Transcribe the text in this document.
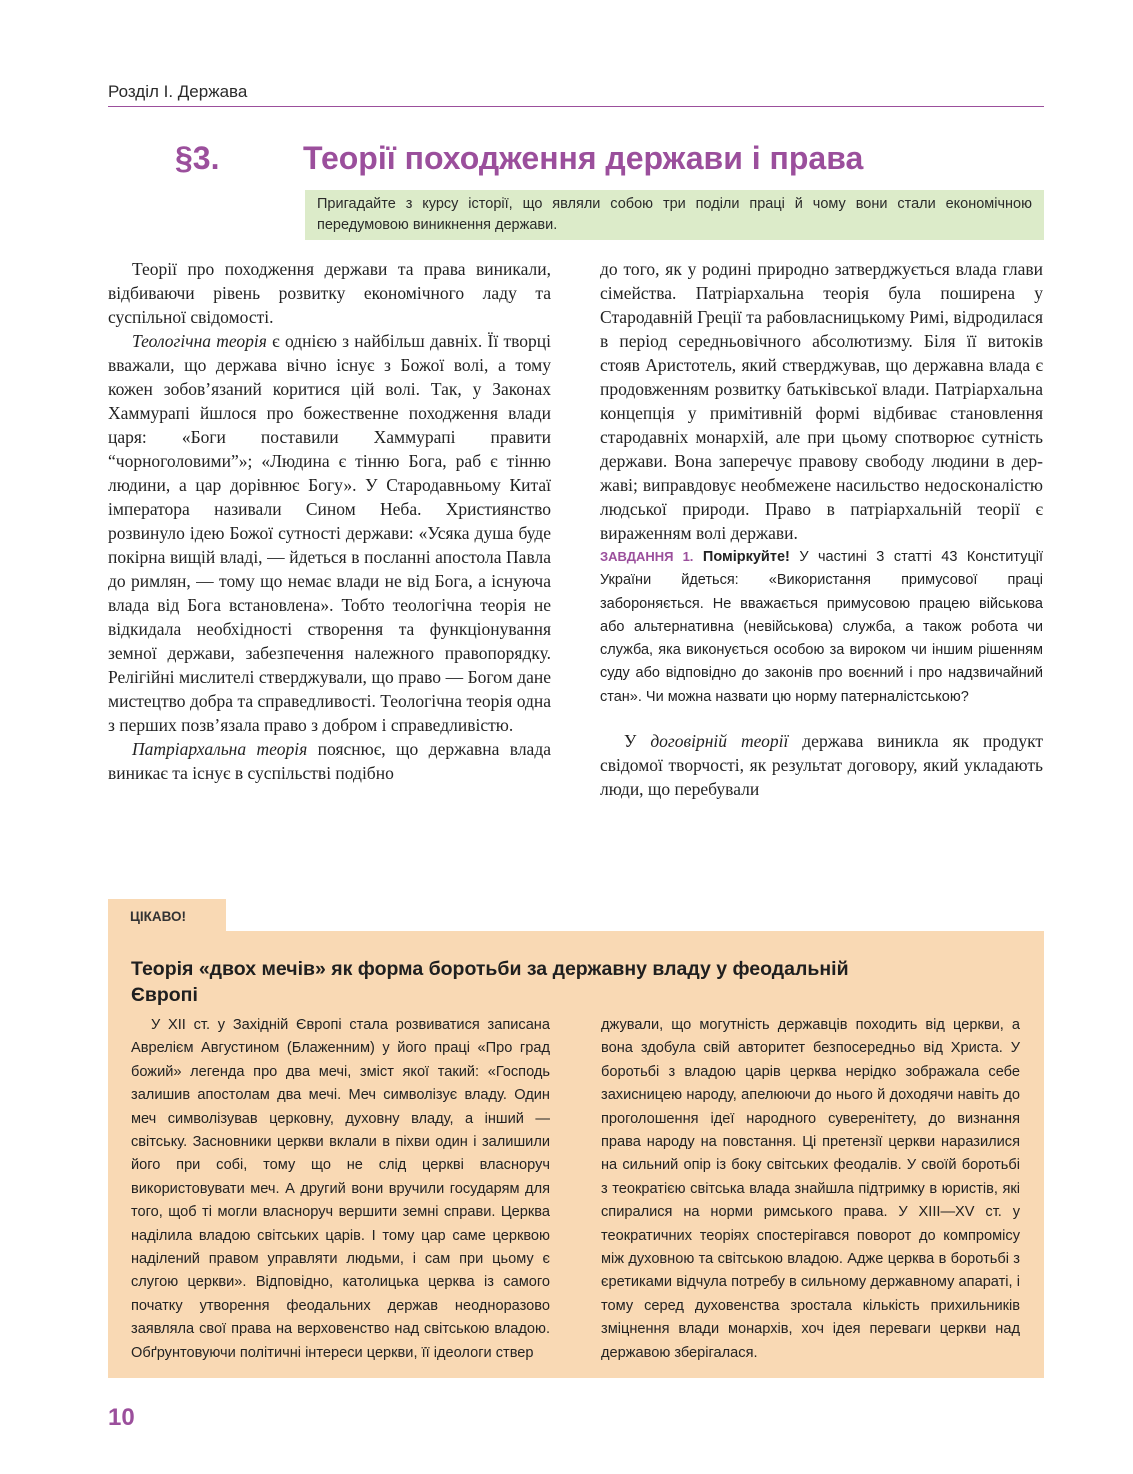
Розділ І. Держава
§3.	Теорії походження держави і права
Пригадайте з курсу історії, що являли собою три поділи праці й чому вони стали економічною передумовою виникнення держави.

Теорії про походження держави та права виникали, відбиваючи рівень розвитку економічного ладу та суспільної свідомості.

Теологічна теорія є однією з найбільш давніх. Її творці вважали, що держава вічно існує з Божої волі, а тому кожен зобов’язаний коритися цій волі. Так, у Законах Хаммурапі йшлося про божественне походження влади царя: «Боги поставили Хаммурапі правити “чорноголовими”»; «Людина є тінню Бога, раб є тінню людини, а цар дорівнює Богу». У Стародавньому Китаї імператора називали Сином Неба. Християнство розвинуло ідею Божої сутності держави: «Усяка душа буде покірна вищій владі, — йдеться в посланні апостола Павла до римлян, — тому що немає влади не від Бога, а існуюча влада від Бога встановлена». Тобто теологічна теорія не відкидала необхідності створення та функціонування земної держави, забезпечення належного правопорядку. Релігійні мислителі стверджували, що право — Богом дане мистецтво добра та справедливості. Теологічна теорія одна з перших позв’язала право з добром і справедливістю.

Патріархальна теорія пояснює, що державна влада виникає та існує в суспільстві подібно

до того, як у родині природно затверджується влада глави сімейства. Патріархальна теорія була поширена у Стародавній Греції та рабовласницькому Римі, відродилася в період середньовічного абсолютизму. Біля її витоків стояв Аристотель, який стверджував, що державна влада є продовженням розвитку батьківської влади. Патріархальна концепція у примітивній формі відбиває становлення стародавніх монархій, але при цьому спотворює сутність держави. Вона заперечує правову свободу людини в державі; виправдовує необмежене насильство недосконалістю людської природи. Право в патріархальній теорії є вираженням волі держави.

ЗАВДАННЯ 1. Поміркуйте! У частині 3 статті 43 Конституції України йдеться: «Використання примусової праці забороняється. Не вважається примусовою працею військова або альтернативна (невійськова) служба, а також робота чи служба, яка виконується особою за вироком чи іншим рішенням суду або відповідно до законів про воєнний і про надзвичайний стан». Чи можна назвати цю норму патерналістською?

У договірній теорії держава виникла як продукт свідомої творчості, як результат договору, який укладають люди, що перебували

ЦІКАВО!
Теорія «двох мечів» як форма боротьби за державну владу у феодальній Європі

У ХІІ ст. у Західній Європі стала розвиватися записана Аврелієм Августином (Блаженним) у його праці «Про град божий» легенда про два мечі, зміст якої такий: «Господь залишив апостолам два мечі. Меч символізує владу. Один меч символізував церковну, духовну владу, а інший — світську. Засновники церкви вклали в піхви один і залишили його при собі, тому що не слід церкві власноруч використовувати меч. А другий вони вручили государям для того, щоб ті могли власноруч вершити земні справи. Церква наділила владою світських царів. І тому цар саме церквою наділений правом управляти людьми, і сам при цьому є слугою церкви». Відповідно, католицька церква із самого початку утворення феодальних держав неодноразово заявляла свої права на верховенство над світською владою. Обґрунтовуючи політичні інтереси церкви, її ідеологи ствер

джували, що могутність державців походить від церкви, а вона здобула свій авторитет безпосередньо від Христа. У боротьбі з владою царів церква нерідко зображала себе захисницею народу, апелюючи до нього й доходячи навіть до проголошення ідеї народного суверенітету, до визнання права народу на повстання. Ці претензії церкви наразилися на сильний опір із боку світських феодалів. У своїй боротьбі з теократією світська влада знайшла підтримку в юристів, які спиралися на норми римського права. У ХІІІ—ХV ст. у теократичних теоріях спостерігався поворот до компромісу між духовною та світською владою. Адже церква в боротьбі з єретиками відчула потребу в сильному державному апараті, і тому серед духовенства зростала кількість прихильників зміцнення влади монархів, хоч ідея переваги церкви над державою зберігалася.

10
